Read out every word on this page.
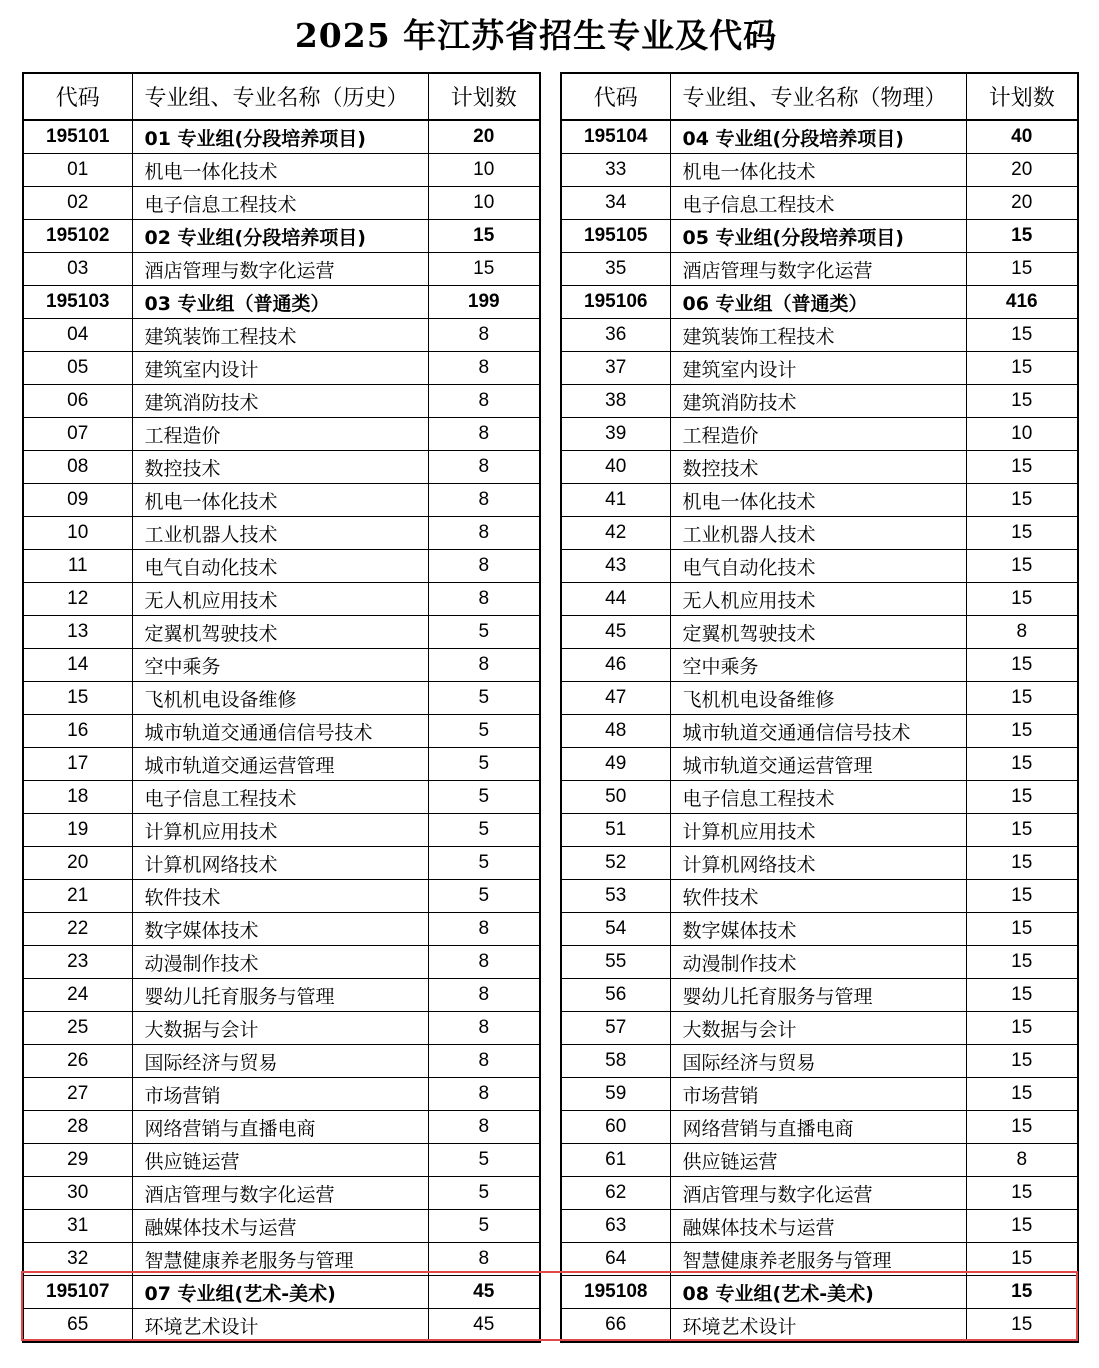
2025 年江苏省招生专业及代码
代码	专业组、专业名称（历史）	计划数
195101	01 专业组(分段培养项目)	20
01	机电一体化技术	10
02	电子信息工程技术	10
195102	02 专业组(分段培养项目)	15
03	酒店管理与数字化运营	15
195103	03 专业组（普通类）	199
04	建筑装饰工程技术	8
05	建筑室内设计	8
06	建筑消防技术	8
07	工程造价	8
08	数控技术	8
09	机电一体化技术	8
10	工业机器人技术	8
11	电气自动化技术	8
12	无人机应用技术	8
13	定翼机驾驶技术	5
14	空中乘务	8
15	飞机机电设备维修	5
16	城市轨道交通通信信号技术	5
17	城市轨道交通运营管理	5
18	电子信息工程技术	5
19	计算机应用技术	5
20	计算机网络技术	5
21	软件技术	5
22	数字媒体技术	8
23	动漫制作技术	8
24	婴幼儿托育服务与管理	8
25	大数据与会计	8
26	国际经济与贸易	8
27	市场营销	8
28	网络营销与直播电商	8
29	供应链运营	5
30	酒店管理与数字化运营	5
31	融媒体技术与运营	5
32	智慧健康养老服务与管理	8
195107	07 专业组(艺术-美术)	45
65	环境艺术设计	45
代码	专业组、专业名称（物理）	计划数
195104	04 专业组(分段培养项目)	40
33	机电一体化技术	20
34	电子信息工程技术	20
195105	05 专业组(分段培养项目)	15
35	酒店管理与数字化运营	15
195106	06 专业组（普通类）	416
36	建筑装饰工程技术	15
37	建筑室内设计	15
38	建筑消防技术	15
39	工程造价	10
40	数控技术	15
41	机电一体化技术	15
42	工业机器人技术	15
43	电气自动化技术	15
44	无人机应用技术	15
45	定翼机驾驶技术	8
46	空中乘务	15
47	飞机机电设备维修	15
48	城市轨道交通通信信号技术	15
49	城市轨道交通运营管理	15
50	电子信息工程技术	15
51	计算机应用技术	15
52	计算机网络技术	15
53	软件技术	15
54	数字媒体技术	15
55	动漫制作技术	15
56	婴幼儿托育服务与管理	15
57	大数据与会计	15
58	国际经济与贸易	15
59	市场营销	15
60	网络营销与直播电商	15
61	供应链运营	8
62	酒店管理与数字化运营	15
63	融媒体技术与运营	15
64	智慧健康养老服务与管理	15
195108	08 专业组(艺术-美术)	15
66	环境艺术设计	15
